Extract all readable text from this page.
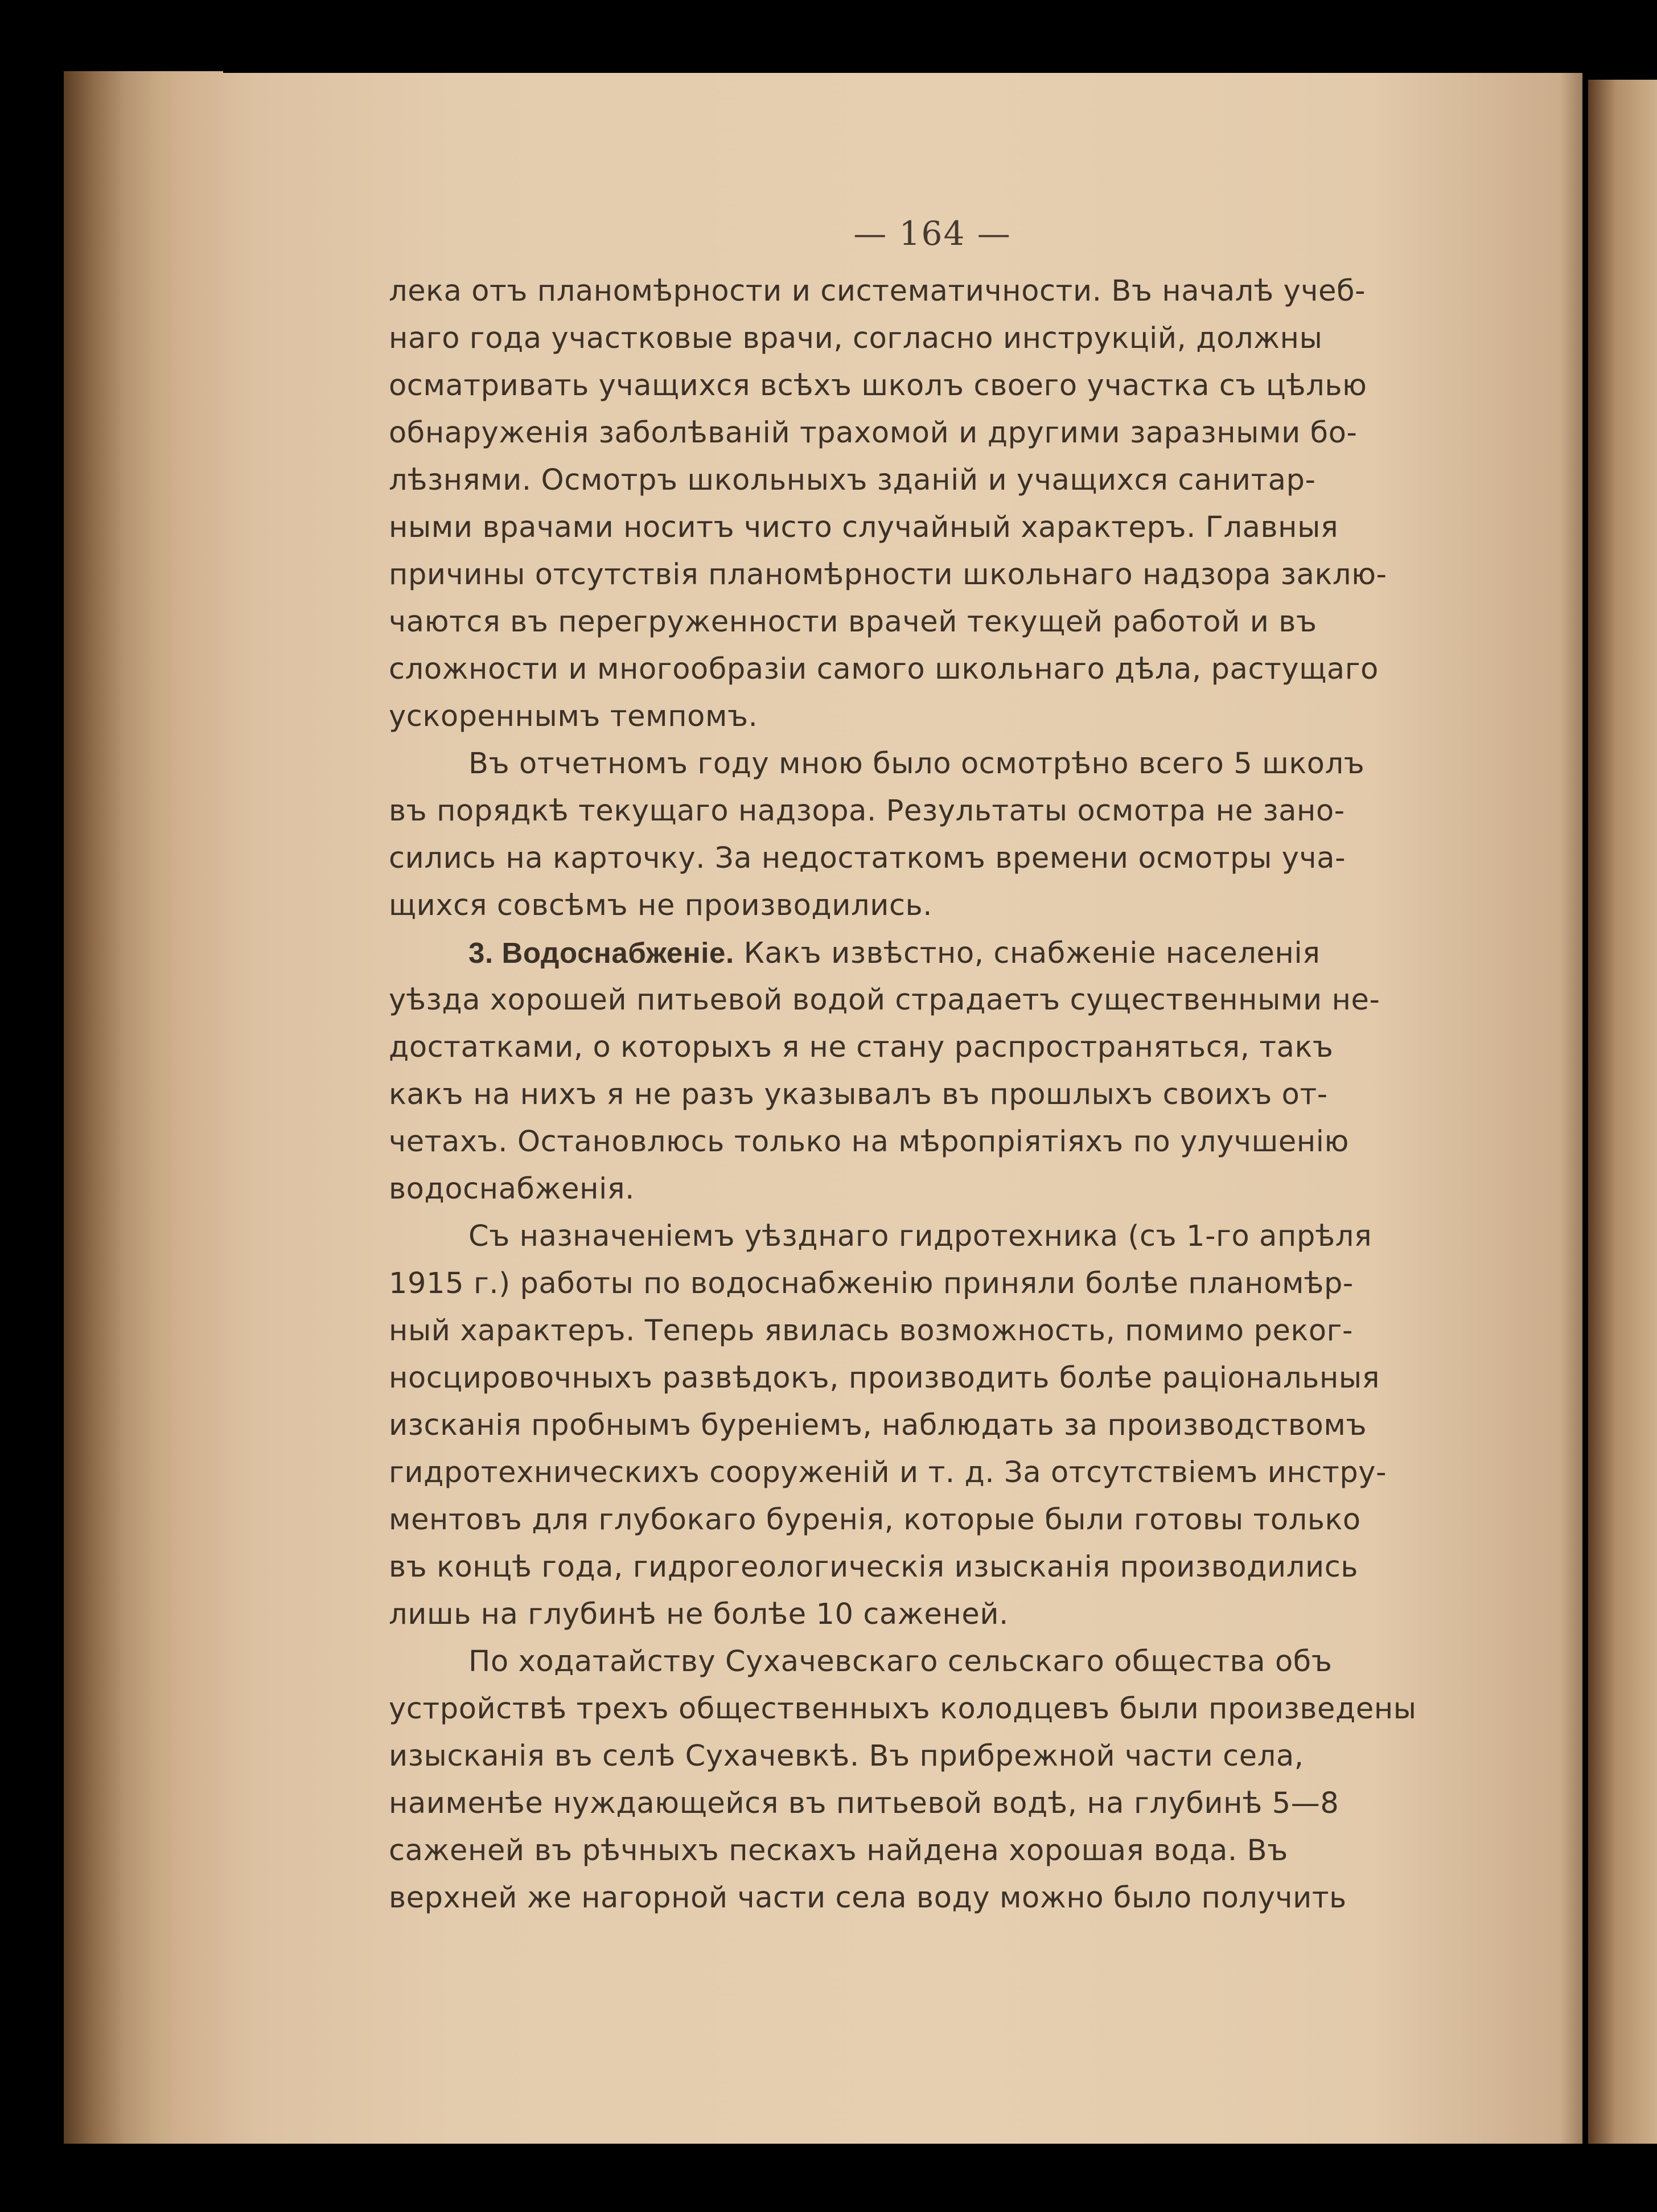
— 164 —
лека отъ планомѣрности и систематичности. Въ началѣ учеб-
наго года участковые врачи, согласно инструкцій, должны
осматривать учащихся всѣхъ школъ своего участка съ цѣлью
обнаруженія заболѣваній трахомой и другими заразными бо-
лѣзнями. Осмотръ школьныхъ зданій и учащихся санитар-
ными врачами носитъ чисто случайный характеръ. Главныя
причины отсутствія планомѣрности школьнаго надзора заклю-
чаются въ перегруженности врачей текущей работой и въ
сложности и многообразіи самого школьнаго дѣла, растущаго
ускореннымъ темпомъ.
Въ отчетномъ году мною было осмотрѣно всего 5 школъ
въ порядкѣ текущаго надзора. Результаты осмотра не зано-
сились на карточку. За недостаткомъ времени осмотры уча-
щихся совсѣмъ не производились.
3. Водоснабженіе. Какъ извѣстно, снабженіе населенія
уѣзда хорошей питьевой водой страдаетъ существенными не-
достатками, о которыхъ я не стану распространяться, такъ
какъ на нихъ я не разъ указывалъ въ прошлыхъ своихъ от-
четахъ. Остановлюсь только на мѣропріятіяхъ по улучшенію
водоснабженія.
Съ назначеніемъ уѣзднаго гидротехника (съ 1-го апрѣля
1915 г.) работы по водоснабженію приняли болѣе планомѣр-
ный характеръ. Теперь явилась возможность, помимо реког-
носцировочныхъ развѣдокъ, производить болѣе раціональныя
изсканія пробнымъ буреніемъ, наблюдать за производствомъ
гидротехническихъ сооруженій и т. д. За отсутствіемъ инстру-
ментовъ для глубокаго буренія, которые были готовы только
въ концѣ года, гидрогеологическія изысканія производились
лишь на глубинѣ не болѣе 10 саженей.
По ходатайству Сухачевскаго сельскаго общества объ
устройствѣ трехъ общественныхъ колодцевъ были произведены
изысканія въ селѣ Сухачевкѣ. Въ прибрежной части села,
наименѣе нуждающейся въ питьевой водѣ, на глубинѣ 5—8
саженей въ рѣчныхъ пескахъ найдена хорошая вода. Въ
верхней же нагорной части села воду можно было получить
